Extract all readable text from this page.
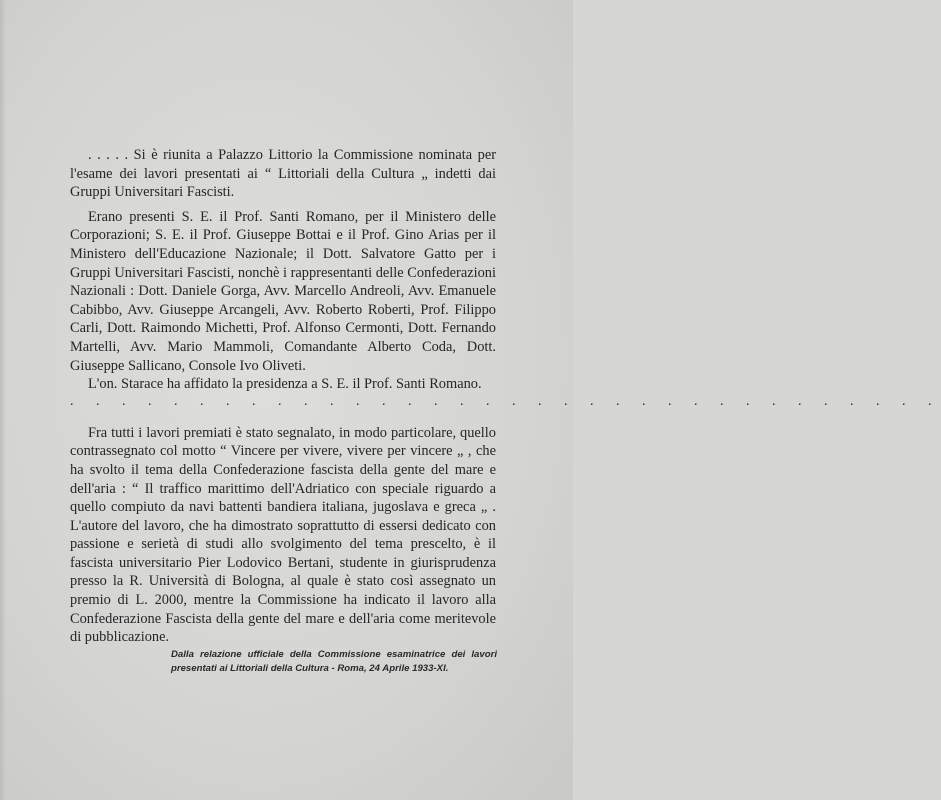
. . . . . Si è riunita a Palazzo Littorio la Commissione nominata per l'esame dei lavori presentati ai “ Littoriali della Cultura „ indetti dai Gruppi Universitari Fascisti.

Erano presenti S. E. il Prof. Santi Romano, per il Ministero delle Corporazioni; S. E. il Prof. Giuseppe Bottai e il Prof. Gino Arias per il Ministero dell'Educazione Nazionale; il Dott. Salvatore Gatto per i Gruppi Universitari Fascisti, nonchè i rappresentanti delle Confederazioni Nazionali : Dott. Daniele Gorga, Avv. Marcello Andreoli, Avv. Emanuele Cabibbo, Avv. Giuseppe Arcangeli, Avv. Roberto Roberti, Prof. Filippo Carli, Dott. Raimondo Michetti, Prof. Alfonso Cermonti, Dott. Fernando Martelli, Avv. Mario Mammoli, Comandante Alberto Coda, Dott. Giuseppe Sallicano, Console Ivo Oliveti.

L'on. Starace ha affidato la presidenza a S. E. il Prof. Santi Romano.

. . . . . . . . . . . . . . . . . . . . . . . . . . . . . . . . . .

Fra tutti i lavori premiati è stato segnalato, in modo particolare, quello contrassegnato col motto “ Vincere per vivere, vivere per vincere „ , che ha svolto il tema della Confederazione fascista della gente del mare e dell'aria : “ Il traffico marittimo dell'Adriatico con speciale riguardo a quello compiuto da navi battenti bandiera italiana, jugoslava e greca „ . L'autore del lavoro, che ha dimostrato soprattutto di essersi dedicato con passione e serietà di studi allo svolgimento del tema prescelto, è il fascista universitario Pier Lodovico Bertani, studente in giurisprudenza presso la R. Università di Bologna, al quale è stato così assegnato un premio di L. 2000, mentre la Commissione ha indicato il lavoro alla Confederazione Fascista della gente del mare e dell'aria come meritevole di pubblicazione.

Dalla relazione ufficiale della Commissione esaminatrice dei lavori presentati ai Littoriali della Cultura - Roma, 24 Aprile 1933-XI.
